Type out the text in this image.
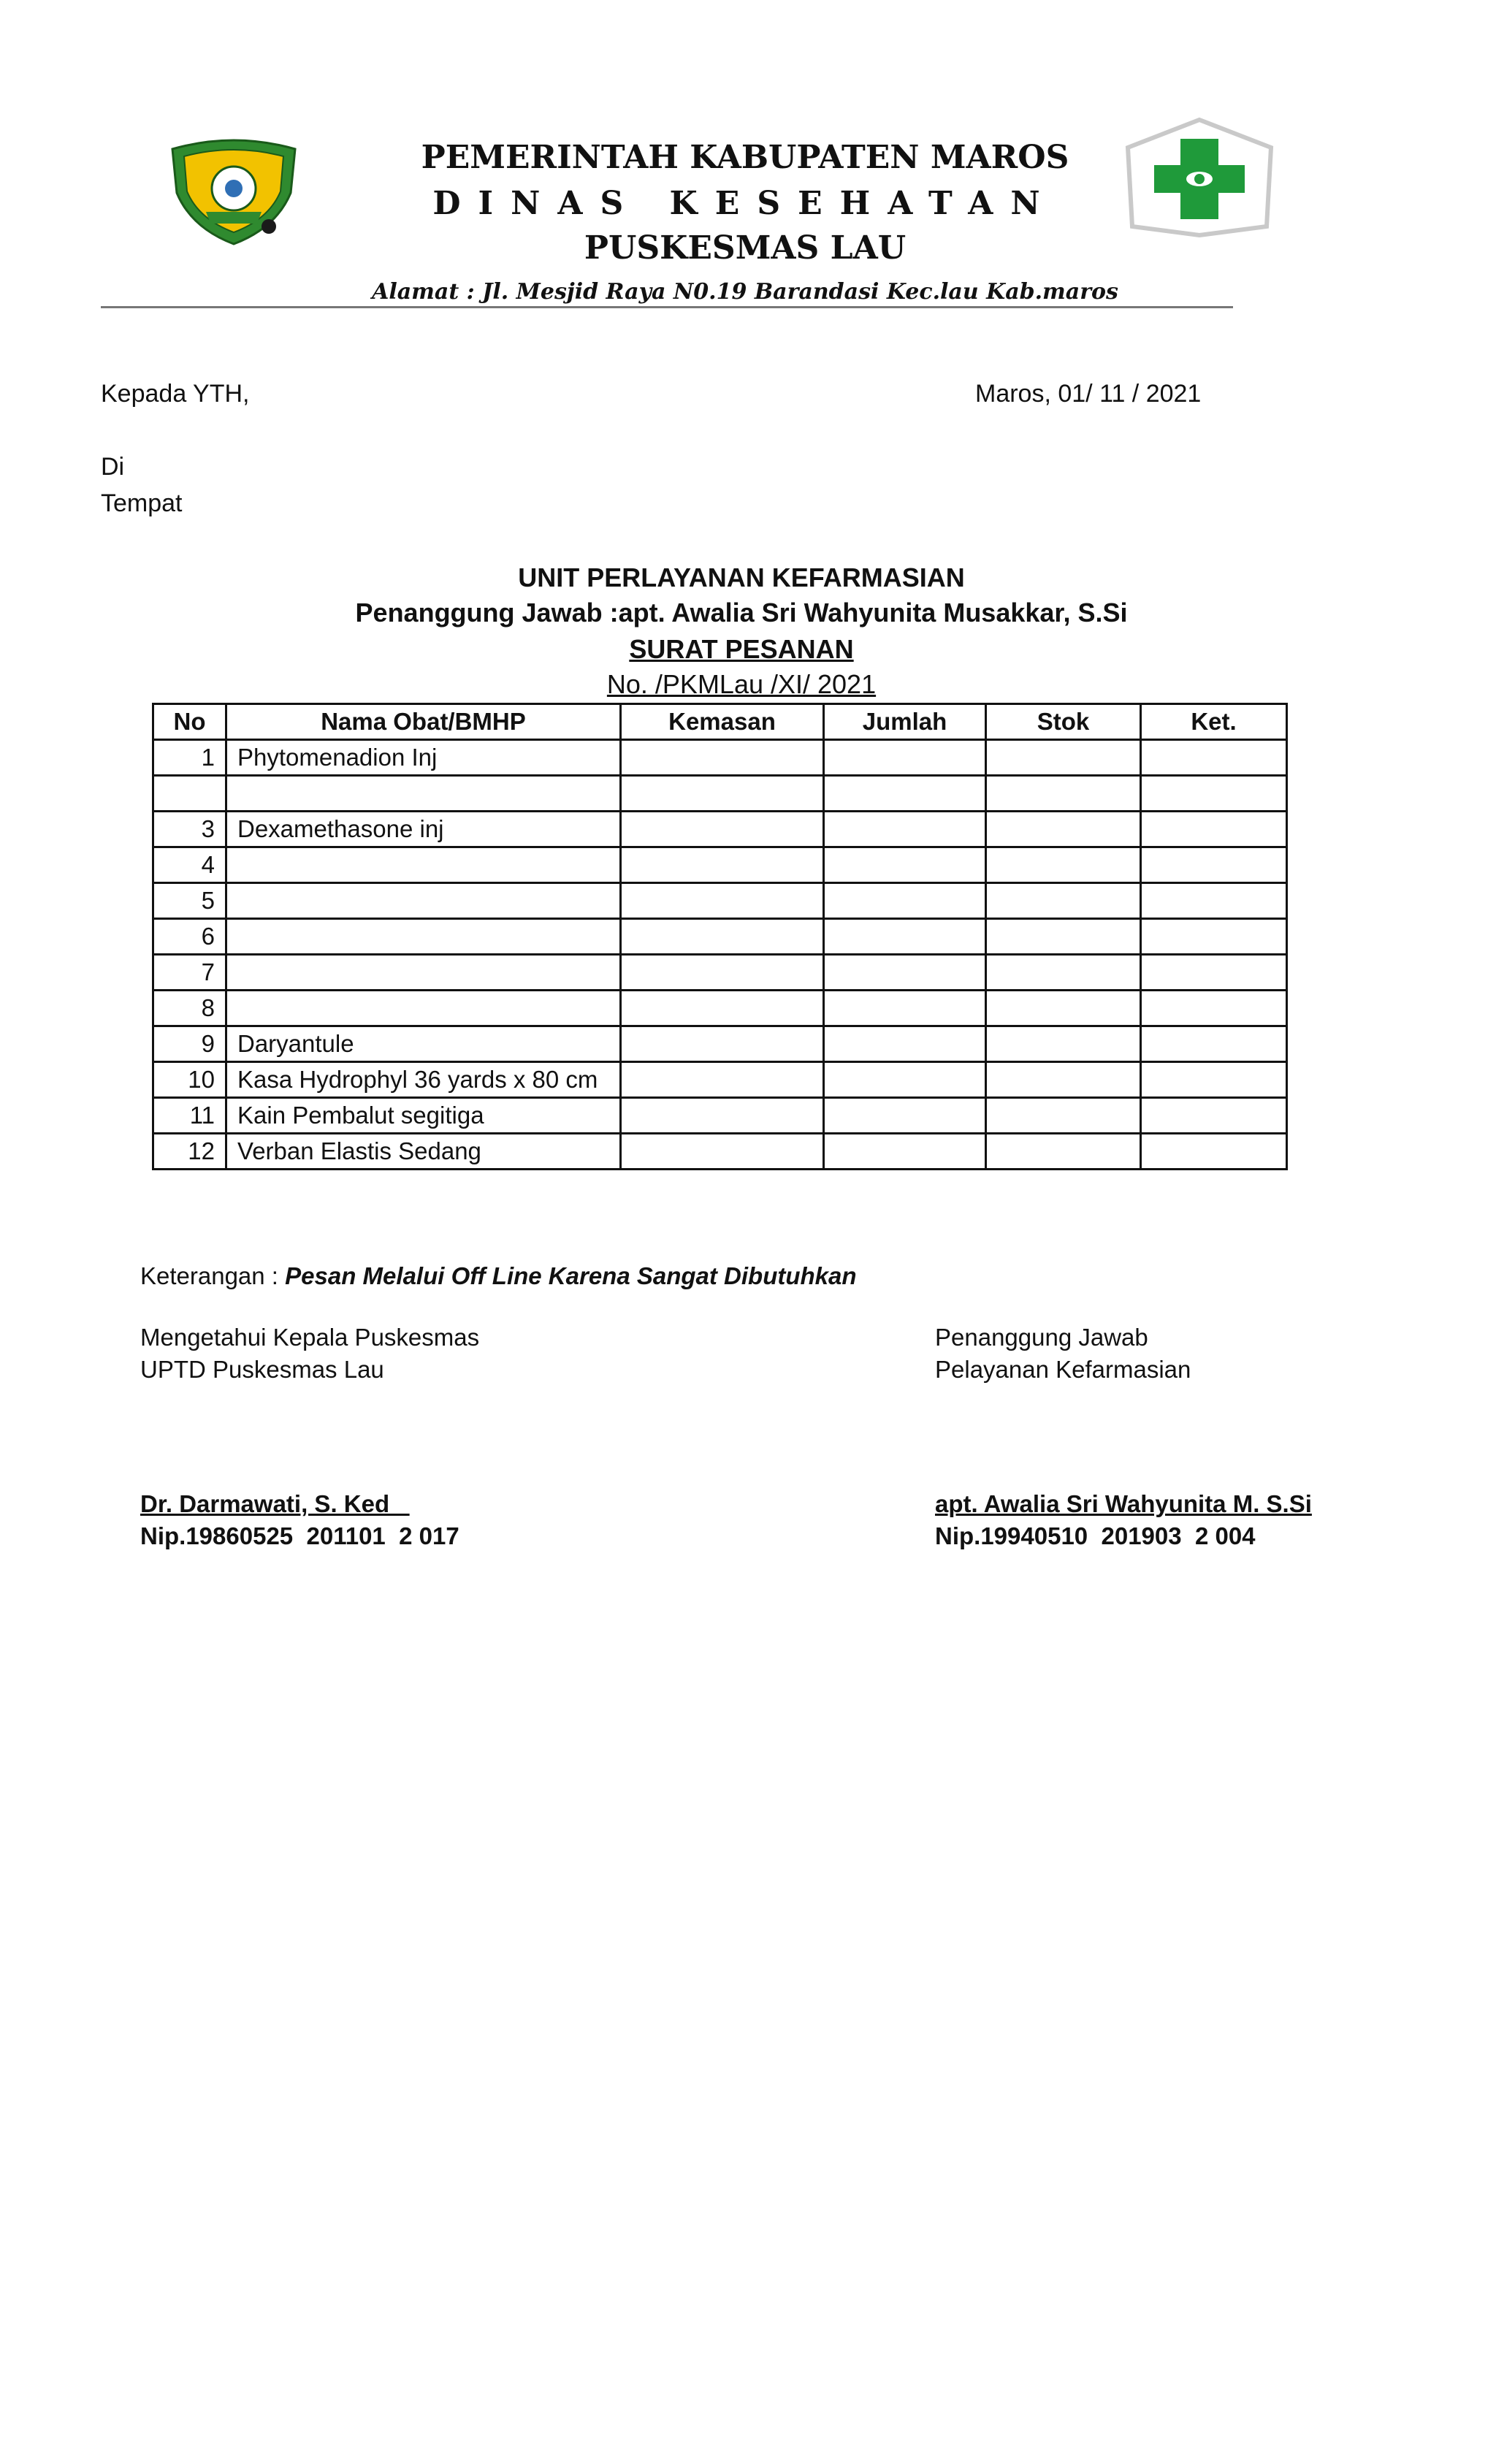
PEMERINTAH KABUPATEN MAROS
DINAS KESEHATAN
PUSKESMAS LAU
Alamat : Jl. Mesjid Raya N0.19 Barandasi Kec.lau Kab.maros
Kepada YTH,	Maros, 01/ 11 / 2021
Di
Tempat
UNIT PERLAYANAN KEFARMASIAN
Penanggung Jawab :apt. Awalia Sri Wahyunita Musakkar, S.Si
SURAT PESANAN
No. /PKMLau /XI/ 2021
No	Nama Obat/BMHP	Kemasan	Jumlah	Stok	Ket.
1	Phytomenadion Inj				

3	Dexamethasone inj				
4					
5					
6					
7					
8					
9	Daryantule				
10	Kasa Hydrophyl 36 yards x 80 cm				
11	Kain Pembalut segitiga				
12	Verban Elastis Sedang				
Keterangan : Pesan Melalui Off Line Karena Sangat Dibutuhkan
Mengetahui Kepala Puskesmas
UPTD Puskesmas Lau
Penanggung Jawab
Pelayanan Kefarmasian
Dr. Darmawati, S. Ked
Nip.19860525  201101  2 017
apt. Awalia Sri Wahyunita M. S.Si
Nip.19940510  201903  2 004
